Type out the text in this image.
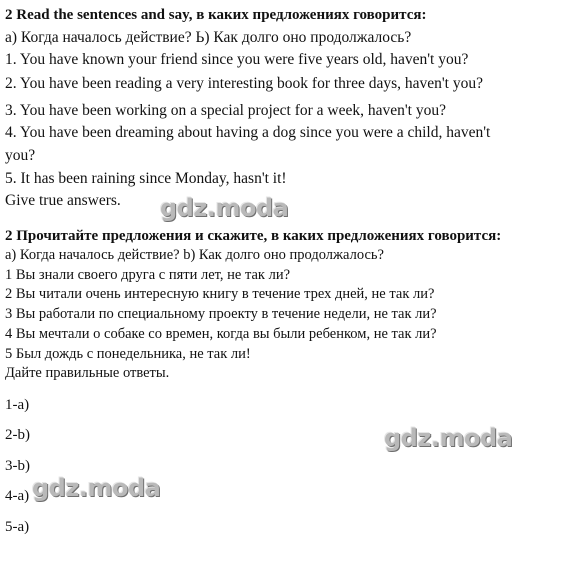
2 Read the sentences and say, в каких предложениях говорится:
а) Когда началось действие? Ь) Как долго оно продолжалось?
1. You have known your friend since you were five years old, haven't you?
2. You have been reading a very interesting book for three days, haven't you?
3. You have been working on a special project for a week, haven't you?
4. You have been dreaming about having a dog since you were a child, haven't
you?
5. It has been raining since Monday, hasn't it!
Give true answers. gdz.moda
2 Прочитайте предложения и скажите, в каких предложениях говорится:
а) Когда началось действие? b) Как долго оно продолжалось?
1 Вы знали своего друга с пяти лет, не так ли?
2 Вы читали очень интересную книгу в течение трех дней, не так ли?
3 Вы работали по специальному проекту в течение недели, не так ли?
4 Вы мечтали о собаке со времен, когда вы были ребенком, не так ли?
5 Был дождь с понедельника, не так ли!
Дайте правильные ответы.
1-a)
2-b)
3-b)
4-a)
5-a)
gdz.moda
gdz.moda
